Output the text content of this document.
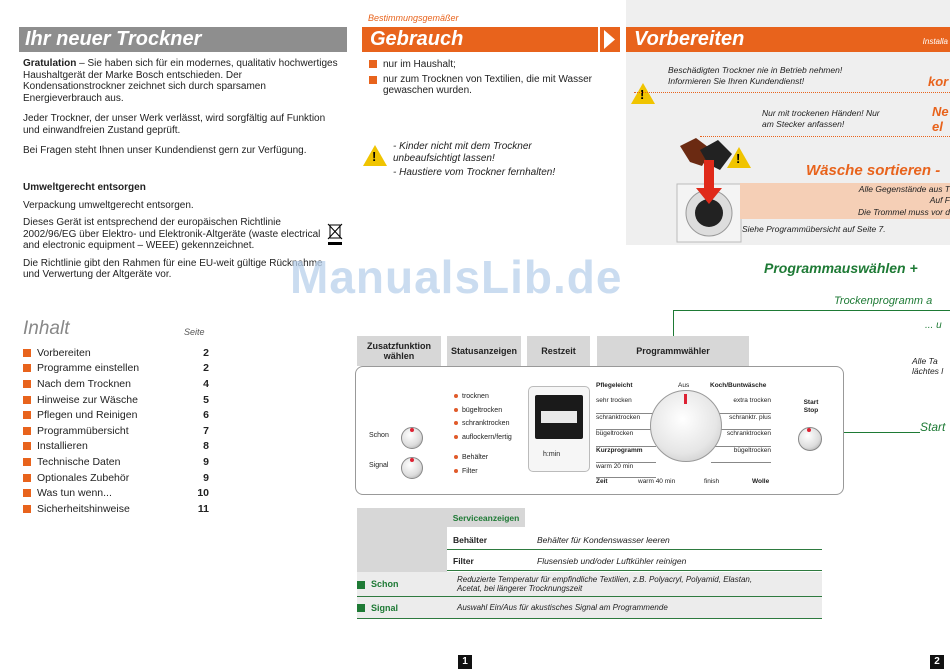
Ihr neuer Trockner

Gratulation – Sie haben sich für ein modernes, qualitativ hochwertiges Haushaltgerät der Marke Bosch entschieden. Der Kondensationstrockner zeichnet sich durch sparsamen Energieverbrauch aus.

Jeder Trockner, der unser Werk verlässt, wird sorgfältig auf Funktion und einwandfreien Zustand geprüft.

Bei Fragen steht Ihnen unser Kundendienst gern zur Verfügung.

Umweltgerecht entsorgen

Verpackung umweltgerecht entsorgen.

Dieses Gerät ist entsprechend der europäischen Richtlinie 2002/96/EG über Elektro- und Elektronik-Altgeräte (waste electrical and electronic equipment – WEEE) gekennzeichnet.

Die Richtlinie gibt den Rahmen für eine EU-weit gültige Rücknahme und Verwertung der Altgeräte vor.

Inhalt	Seite
Vorbereiten	2
Programme einstellen	2
Nach dem Trocknen	4
Hinweise zur Wäsche	5
Pflegen und Reinigen	6
Programmübersicht	7
Installieren	8
Technische Daten	9
Optionales Zubehör	9
Was tun wenn...	10
Sicherheitshinweise	11
1
Bestimmungsgemäßer
Gebrauch
nur im Haushalt;
nur zum Trocknen von Textilien, die mit Wasser gewaschen wurden.
!
- Kinder nicht mit dem Trockner unbeaufsichtigt lassen!
- Haustiere vom Trockner fernhalten!
Vorbereiten	Installa
!
Beschädigten Trockner nie in Betrieb nehmen! Informieren Sie Ihren Kundendienst!	kor
!
Nur mit trockenen Händen! Nur am Stecker anfassen!
Ne
el
Wäsche sortieren -
Alle Gegenstände aus T
Auf F
Die Trommel muss vor d
Siehe Programmübersicht auf Seite 7.
Programmauswählen +
Trockenprogramm a
... u
Alle Ta
lächtes l
Start
2
Zusatzfunktion wählen	Statusanzeigen	Restzeit	Programmwähler
Schon
Signal
trocknen
bügeltrocken
schranktrocken
auflockern/fertig
Behälter
Filter
h:min
Pflegeleicht	Aus	Koch/Buntwäsche
sehr trocken
schranktrocken
bügeltrocken
Kurzprogramm
warm 20 min
extra trocken
schranktr. plus
schranktrocken
bügeltrocken
Zeit	warm 40 min	finish	Wolle
Start Stop
Serviceanzeigen
Behälter	Behälter für Kondenswasser leeren
Filter	Flusensieb und/oder Luftkühler reinigen
Schon	Reduzierte Temperatur für empfindliche Textilien, z.B. Polyacryl, Polyamid, Elastan, Acetat, bei längerer Trocknungszeit
Signal	Auswahl Ein/Aus für akustisches Signal am Programmende
ManualsLib.de
